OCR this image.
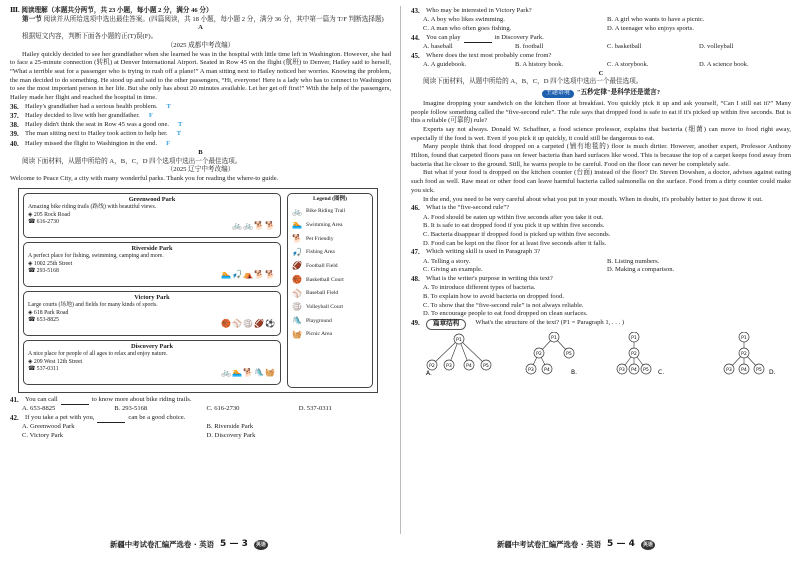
Ⅲ. 阅读理解（本题共分两节，共 23 小题，每小题 2 分，满分 46 分）

第一节 阅读并从所给选项中选出最佳答案。(四篇阅读，共 18 小题，每小题 2 分，满分 36 分，其中第一篇为 T/F 判断选择题)

A

根据短文内容，判断下面各小题的正(T)误(F)。

（2025 成都中考改编）

Hailey quickly decided to see her grandfather when she learned he was in the hospital with little time left in Washington. However, she had to face a 25-minute connection (转机) at Denver International Airport. Seated in Row 45 on the flight (航班) to Denver, Hailey said to herself, “What a terrible seat for a passenger who is trying to rush off a plane!” A man sitting next to Hailey noticed her worries. Knowing the problem, the man decided to do something. He stood up and said to the other passengers, “Hi, everyone! Here is a lady who has to connect to Washington to see the most important person in her life. But she only has about 20 minutes available. Let her get off first!” With the help of the passengers, Hailey made her flight and reached the hospital in time.

36. Hailey's grandfather had a serious health problem. T
37. Hailey decided to live with her grandfather. F
38. Hailey didn't think the seat in Row 45 was a good one. T
39. The man sitting next to Hailey took action to help her. T
40. Hailey missed the flight to Washington in the end. F

B

阅读下面材料，从题中所给的 A，B，C，D 四个选项中选出一个最佳选项。

（2025 辽宁中考改编）

Welcome to Peace City, a city with many wonderful parks. Thank you for reading the where-to guide.

Greenwood Park
Amazing bike riding trails (路线) with beautiful views.
◈ 205 Rock Road
☎ 616-2730	🚲🚲🐕🐕
Riverside Park
A perfect place for fishing, swimming, camping and more.
◈ 1002 25th Street
☎ 293-5168	🏊🎣⛺🐕🐕
Victory Park
Large courts (场地) and fields for many kinds of sports.
◈ 618 Park Road
☎ 653-8825	🏀⚾🏐🏈⚽
Discovery Park
A nice place for people of all ages to relax and enjoy nature.
◈ 209 West 12th Street
☎ 537-0311	🚲🏊🐕🛝🧺
Legend (图例)
🚲 Bike Riding Trail
🏊 Swimming Area
🐕 Pet Friendly
🎣 Fishing Area
🏈 Football Field
🏀 Basketball Court
⚾ Baseball Field
🏐 Volleyball Court
🛝 Playground
🧺 Picnic Area
41. You can call	to know more about bike riding trails.
A. 653-8825	B. 293-5168	C. 616-2730	D. 537-0311
42. If you take a pet with you,	can be a good choice.
A. Greenwood Park	B. Riverside Park
C. Victory Park	D. Discovery Park
新疆中考试卷汇编严选卷 · 英语 5 — 3	英语
43. Who may be interested in Victory Park?
A. A boy who likes swimming.	B. A girl who wants to have a picnic.
C. A man who often goes fishing.	D. A teenager who enjoys sports.
44. You can play	in Discovery Park.
A. baseball	B. football	C. basketball	D. volleyball
45. Where does the text most probably come from?
A. A guidebook.	B. A history book.	C. A storybook.	D. A science book.

C

阅读下面材料，从题中所给的 A，B，C，D 四个选项中选出一个最佳选项。

主题语境 "五秒定律"是科学还是谎言?

Imagine dropping your sandwich on the kitchen floor at breakfast. You quickly pick it up and ask yourself, “Can I still eat it?” Many people follow something called the “five-second rule”. The rule says that dropped food is safe to eat if it's picked up within five seconds. But is this a reliable (可靠的) rule?

Experts say not always. Donald W. Schaffner, a food science professor, explains that bacteria (细菌) can move to food right away, especially if the food is wet. Even if you pick it up quickly, it could still be dangerous to eat.

Many people think that food dropped on a carpeted (铺有地毯的) floor is much dirtier. However, another expert, Professor Anthony Hilton, found that carpeted floors pass on fewer bacteria than hard surfaces like wood. This is because the top of a carpet keeps food away from bacteria that lie closer to the ground. Still, he warns people to be careful. Food on the floor can never be completely safe.

But what if your food is dropped on the kitchen counter (台面) instead of the floor? Dr. Steven Dowshen, a doctor, advises against eating such food as well. Raw meat or other food can leave harmful bacteria called salmonella on the surface. Food from a dirty counter could make you sick.

In the end, you need to be very careful about what you put in your mouth. When in doubt, it's probably better to just throw it out.

46. What is the “five-second rule”?
A. Food should be eaten up within five seconds after you take it out.
B. It is safe to eat dropped food if you pick it up within five seconds.
C. Bacteria disappear if dropped food is picked up within five seconds.
D. Food can be kept on the floor for at least five seconds after it falls.
47. Which writing skill is used in Paragraph 3?
A. Telling a story.	B. Listing numbers.
C. Giving an example.	D. Making a comparison.
48. What is the writer's purpose in writing this text?
A. To introduce different types of bacteria.
B. To explain how to avoid bacteria on dropped food.
C. To show that the “five-second rule” is not always reliable.
D. To encourage people to eat food dropped on clean surfaces.
49.	篇章结构	What's the structure of the text? (P1 = Paragraph 1, . . . )
P1
P2 P3	P4 P5
A.
P1
P2	P5
P3 P4	B.
P1
P2
P3 P4 P5 C.
P1
P2
P3 P4 P5 D.
新疆中考试卷汇编严选卷 · 英语 5 — 4	英语
